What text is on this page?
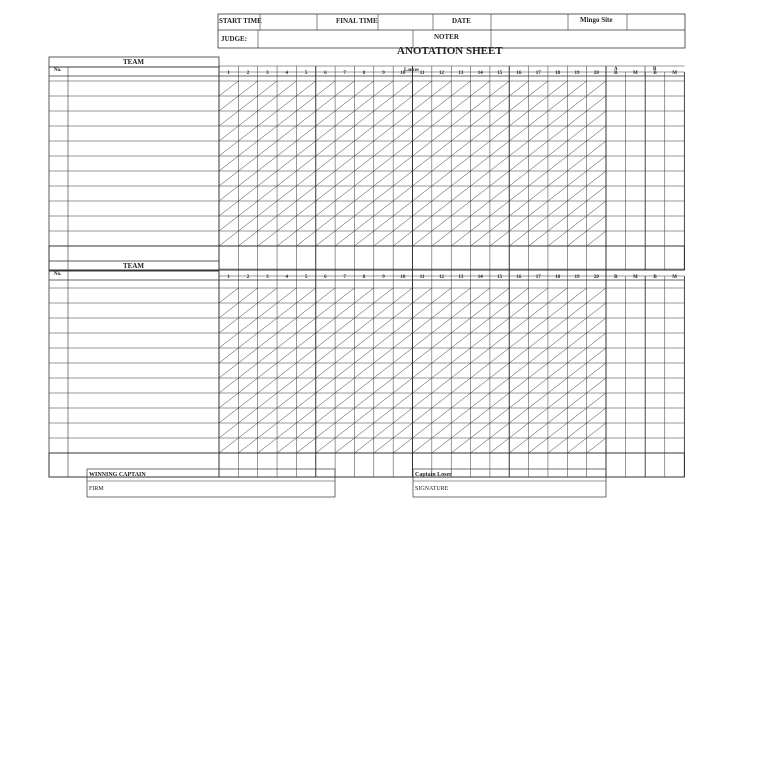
START TIME	FINAL TIME	DATE	Mingo Site
JUDGE:	NOTER
ANOTATION SHEET
TEAM
No.	Lances	A	B
1	2	3	4	5	6	7	8	9	10	11	12	13	14	15	16	17	18	19	20	B	M	B	M
TEAM
No.
1	2	3	4	5	6	7	8	9	10	11	12	13	14	15	16	17	18	19	20	B	M	B	M
WINNING CAPTAIN
FIRM
Captain Loser
SIGNATURE
